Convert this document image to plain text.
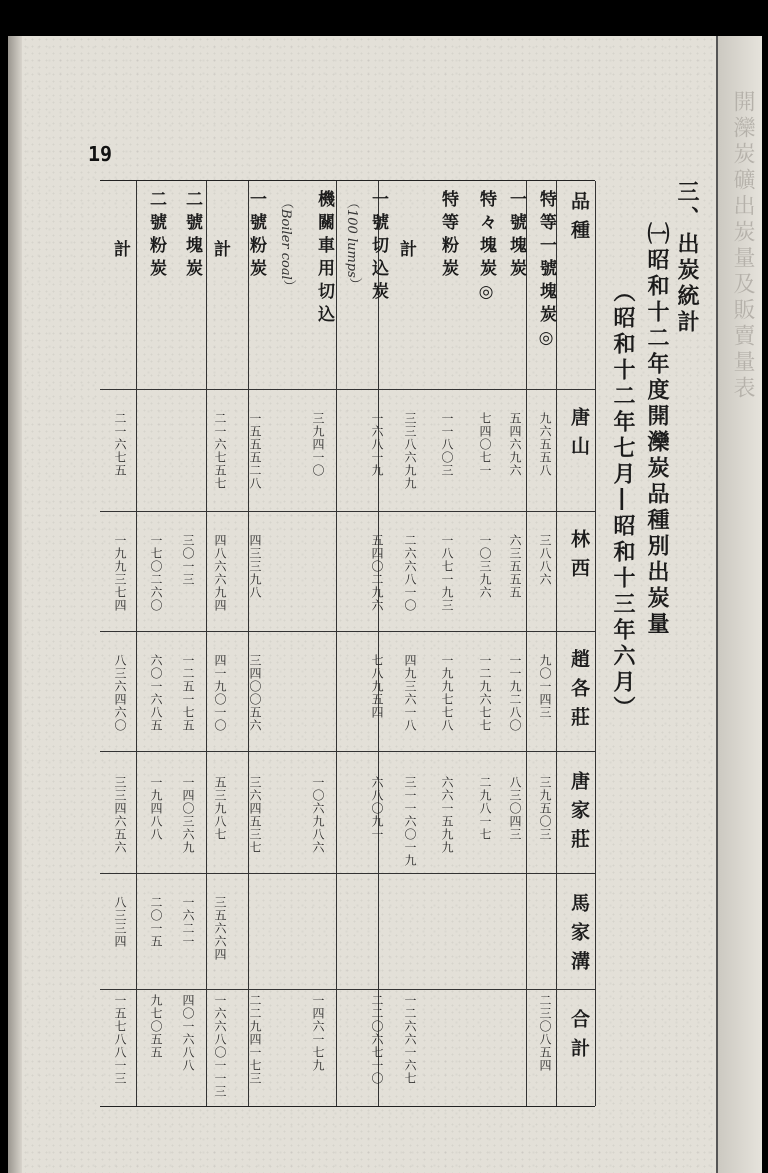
開灤炭礦出炭量及販賣量表
19
三、出炭統計
㈠昭和十二年度開灤炭品種別出炭量
（昭和十二年七月―昭和十三年六月）
品種
唐山
林西
趙各莊
唐家莊
馬家溝
合計
特等一號塊炭◎
一號塊炭
特々塊炭◎
特等粉炭
計
一號切込炭
（100 lumps）
機關車用切込
（Boiler coal）
一號粉炭
計
二號塊炭
二號粉炭
計
九六五五八
五四六九六
七四〇七一
一一八〇三
三三八六九九
一六八一九
三九四一〇
一五五五二八
二一六七五七
二一六七五
三八八六
六三五五五
一〇三九六
一八七一九三
二六六八一〇
五四〇二九六
四三三九八
四八六六九四
三〇一三
一七〇二六〇
一九九三七四
九〇一四三
一一九二八〇
一二九六七七
一九九七七八
四九三六一八
七八九五四
三四〇〇五六
四一九〇一〇
一二五一七五
六〇一六八五
八三六四六〇
三九五〇三
八三〇四三
二九八一七
六六一五九九
三一一六〇一九
六八〇九一
一〇六九八六
三六四五三七
五三九八七
一四〇三六九
一九四八八
三三四六五六
三五六六四
一六二一
二〇一五
八三三四
二三〇八五四
一二六六一六七
二二〇六七一〇
一四六一七九
二二九四一七三
一六六八〇一一三
四〇一六八八
九七〇五五
一五七八八一三
